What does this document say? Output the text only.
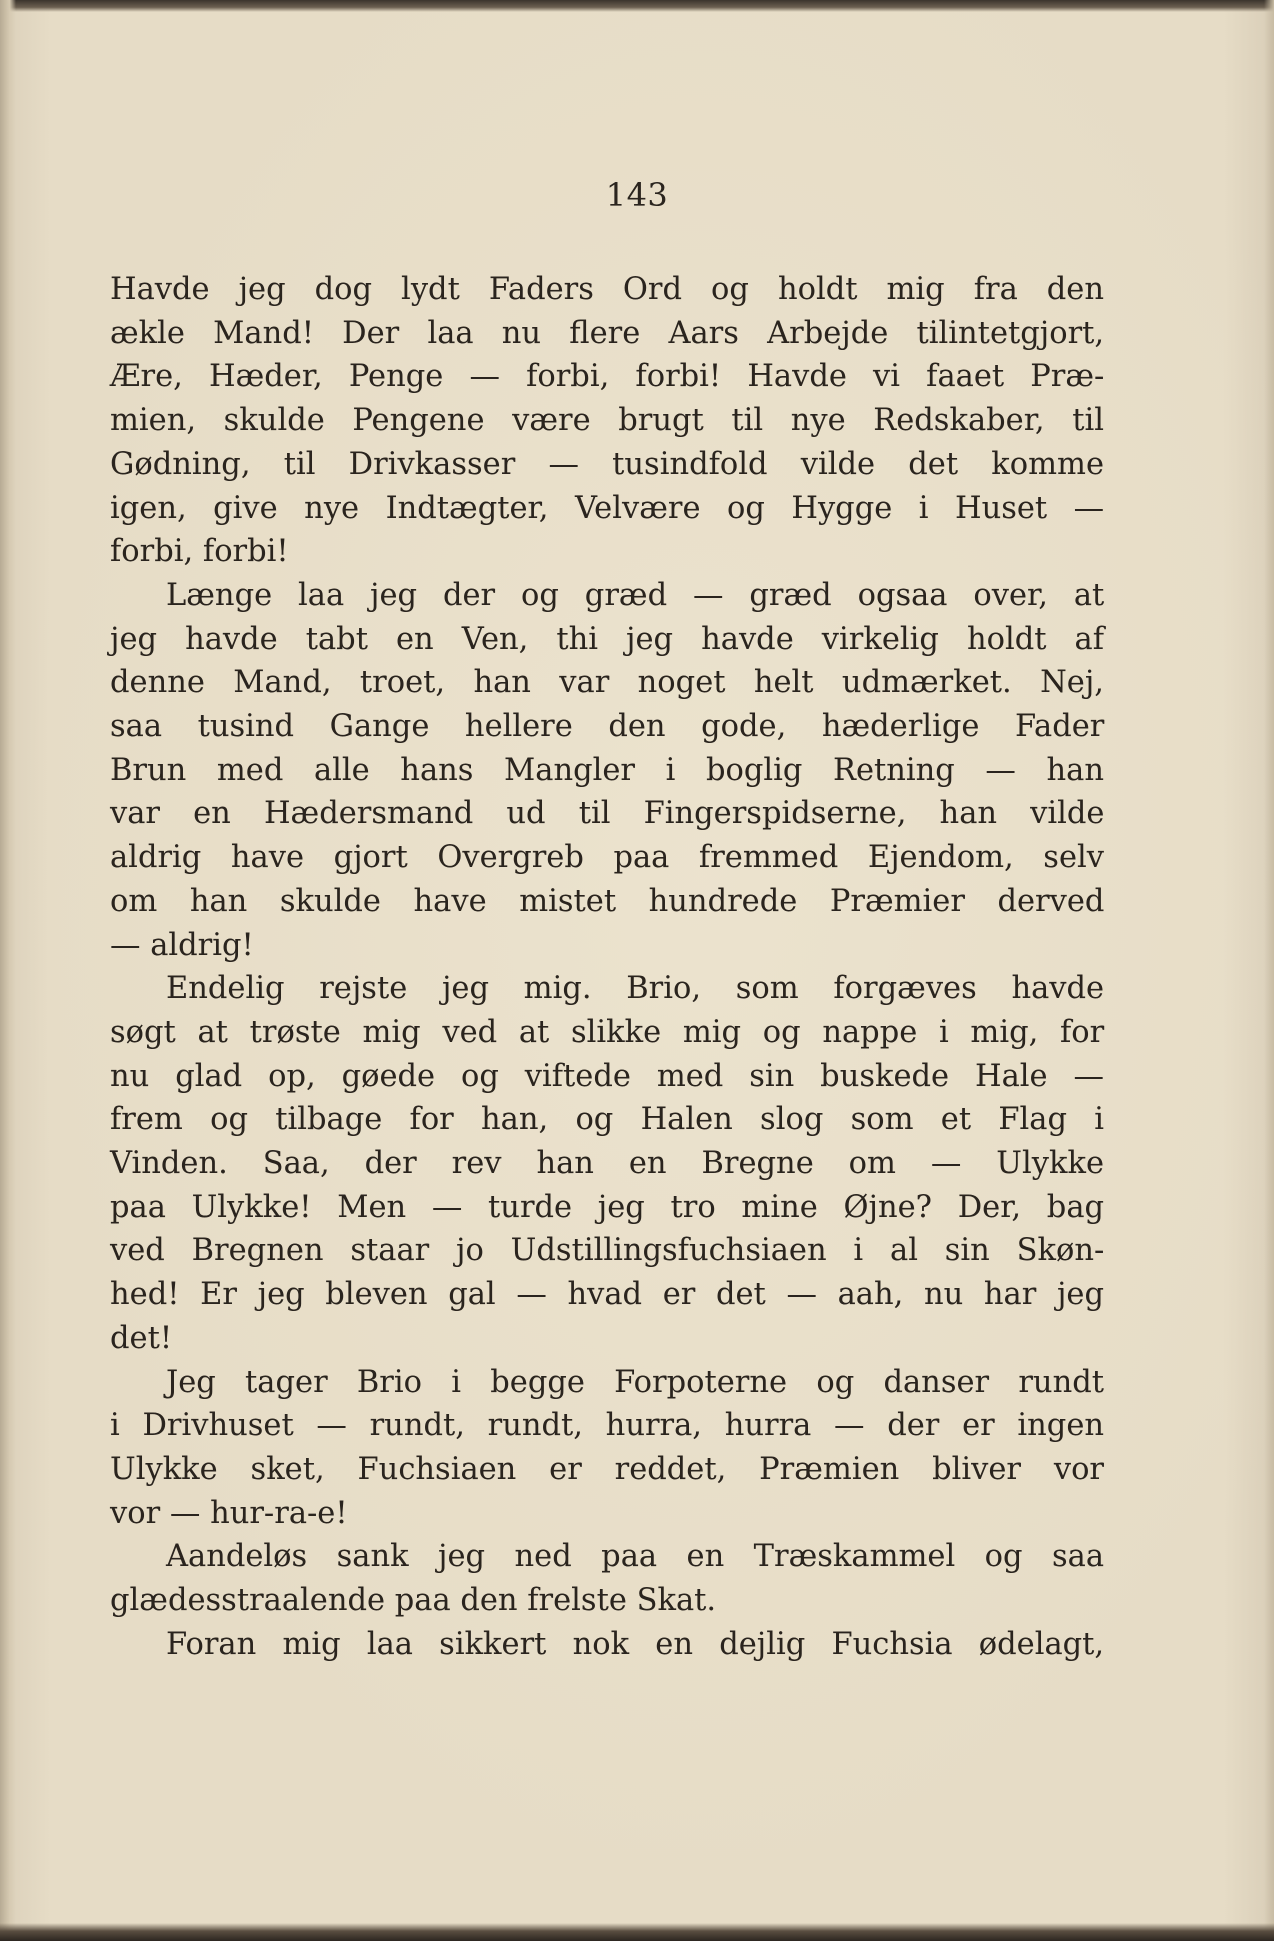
143

Havde jeg dog lydt Faders Ord og holdt mig fra den
ækle Mand! Der laa nu flere Aars Arbejde tilintetgjort,
Ære, Hæder, Penge — forbi, forbi! Havde vi faaet Præ-
mien, skulde Pengene være brugt til nye Redskaber, til
Gødning, til Drivkasser — tusindfold vilde det komme
igen, give nye Indtægter, Velvære og Hygge i Huset —
forbi, forbi!

Længe laa jeg der og græd — græd ogsaa over, at
jeg havde tabt en Ven, thi jeg havde virkelig holdt af
denne Mand, troet, han var noget helt udmærket. Nej,
saa tusind Gange hellere den gode, hæderlige Fader
Brun med alle hans Mangler i boglig Retning — han
var en Hædersmand ud til Fingerspidserne, han vilde
aldrig have gjort Overgreb paa fremmed Ejendom, selv
om han skulde have mistet hundrede Præmier derved
— aldrig!

Endelig rejste jeg mig. Brio, som forgæves havde
søgt at trøste mig ved at slikke mig og nappe i mig, for
nu glad op, gøede og viftede med sin buskede Hale —
frem og tilbage for han, og Halen slog som et Flag i
Vinden. Saa, der rev han en Bregne om — Ulykke
paa Ulykke! Men — turde jeg tro mine Øjne? Der, bag
ved Bregnen staar jo Udstillingsfuchsiaen i al sin Skøn-
hed! Er jeg bleven gal — hvad er det — aah, nu har jeg
det!

Jeg tager Brio i begge Forpoterne og danser rundt
i Drivhuset — rundt, rundt, hurra, hurra — der er ingen
Ulykke sket, Fuchsiaen er reddet, Præmien bliver vor
vor — hur-ra-e!

Aandeløs sank jeg ned paa en Træskammel og saa
glædesstraalende paa den frelste Skat.

Foran mig laa sikkert nok en dejlig Fuchsia ødelagt,
